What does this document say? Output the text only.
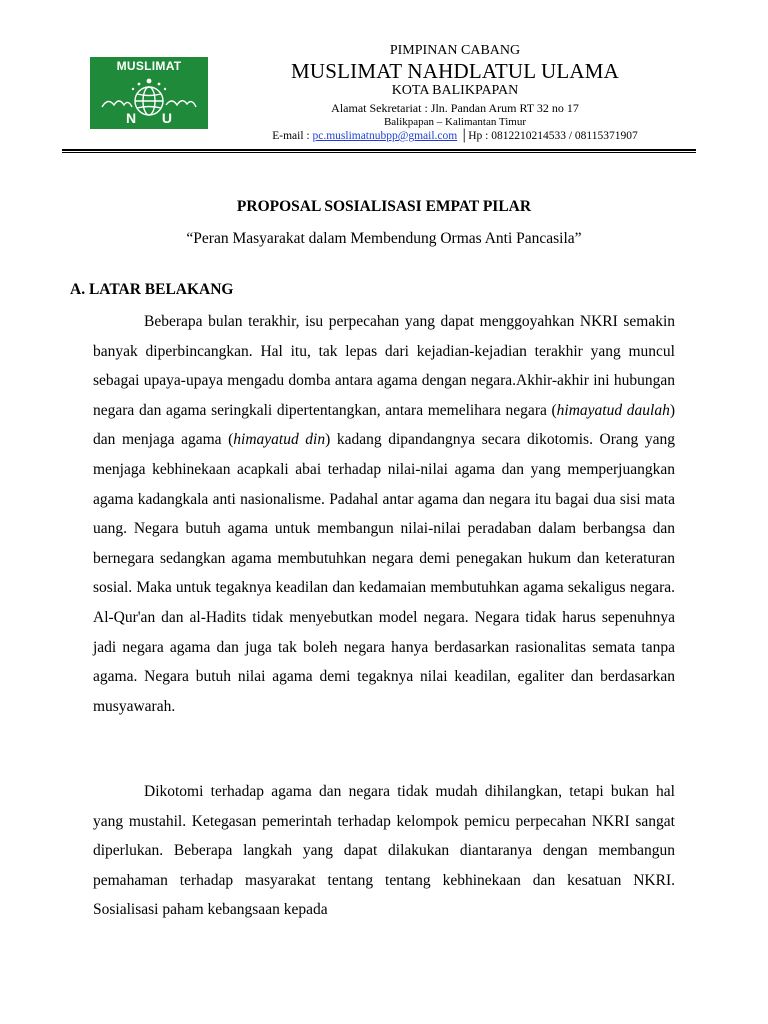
MUSLIMAT
N U
PIMPINAN CABANG
MUSLIMAT NAHDLATUL ULAMA
KOTA BALIKPAPAN
Alamat Sekretariat : Jln. Pandan Arum RT 32 no 17
Balikpapan – Kalimantan Timur
E-mail : pc.muslimatnubpp@gmail.com │Hp : 0812210214533 / 08115371907
PROPOSAL SOSIALISASI EMPAT PILAR
“Peran Masyarakat dalam Membendung Ormas Anti Pancasila”
A. LATAR BELAKANG

Beberapa bulan terakhir, isu perpecahan yang dapat menggoyahkan NKRI semakin banyak diperbincangkan. Hal itu, tak lepas dari kejadian-kejadian terakhir yang muncul sebagai upaya-upaya mengadu domba antara agama dengan negara.Akhir-akhir ini hubungan negara dan agama seringkali dipertentangkan, antara memelihara negara (himayatud daulah) dan menjaga agama (himayatud din) kadang dipandangnya secara dikotomis. Orang yang menjaga kebhinekaan acapkali abai terhadap nilai-nilai agama dan yang memperjuangkan agama kadangkala anti nasionalisme. Padahal antar agama dan negara itu bagai dua sisi mata uang. Negara butuh agama untuk membangun nilai-nilai peradaban dalam berbangsa dan bernegara sedangkan agama membutuhkan negara demi penegakan hukum dan keteraturan sosial. Maka untuk tegaknya keadilan dan kedamaian membutuhkan agama sekaligus negara. Al-Qur'an dan al-Hadits tidak menyebutkan model negara. Negara tidak harus sepenuhnya jadi negara agama dan juga tak boleh negara hanya berdasarkan rasionalitas semata tanpa agama. Negara butuh nilai agama demi tegaknya nilai keadilan, egaliter dan berdasarkan musyawarah.

Dikotomi terhadap agama dan negara tidak mudah dihilangkan, tetapi bukan hal yang mustahil. Ketegasan pemerintah terhadap kelompok pemicu perpecahan NKRI sangat diperlukan. Beberapa langkah yang dapat dilakukan diantaranya dengan membangun pemahaman terhadap masyarakat tentang tentang kebhinekaan dan kesatuan NKRI. Sosialisasi paham kebangsaan kepada
